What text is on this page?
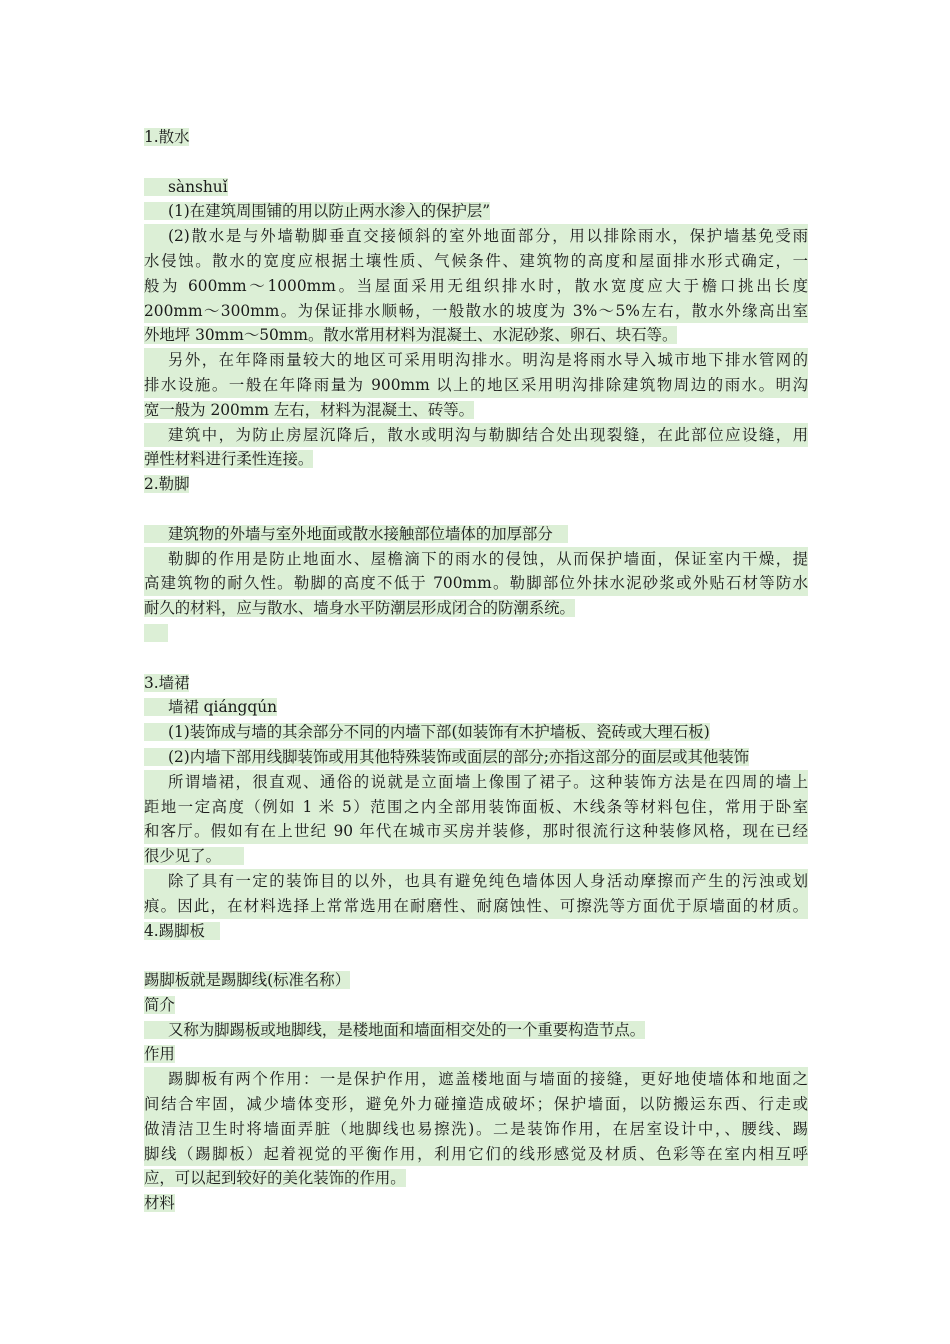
1.散水
sànshuǐ
(1)在建筑周围铺的用以防止两水渗入的保护层”
(2)散水是与外墙勒脚垂直交接倾斜的室外地面部分，用以排除雨水，保护墙基免受雨
水侵蚀。散水的宽度应根据土壤性质、气候条件、建筑物的高度和屋面排水形式确定，一
般为 600mm～1000mm。当屋面采用无组织排水时，散水宽度应大于檐口挑出长度
200mm～300mm。为保证排水顺畅，一般散水的坡度为 3%～5%左右，散水外缘高出室
外地坪 30mm～50mm。散水常用材料为混凝土、水泥砂浆、卵石、块石等。
另外，在年降雨量较大的地区可采用明沟排水。明沟是将雨水导入城市地下排水管网的
排水设施。一般在年降雨量为 900mm 以上的地区采用明沟排除建筑物周边的雨水。明沟
宽一般为 200mm 左右，材料为混凝土、砖等。
建筑中，为防止房屋沉降后，散水或明沟与勒脚结合处出现裂缝，在此部位应设缝，用
弹性材料进行柔性连接。
2.勒脚
建筑物的外墙与室外地面或散水接触部位墙体的加厚部分　
勒脚的作用是防止地面水、屋檐滴下的雨水的侵蚀，从而保护墙面，保证室内干燥，提
高建筑物的耐久性。勒脚的高度不低于 700mm。勒脚部位外抹水泥砂浆或外贴石材等防水
耐久的材料，应与散水、墙身水平防潮层形成闭合的防潮系统。
3.墙裙
墙裙 qiángqún
(1)装饰成与墙的其余部分不同的内墙下部(如装饰有木护墙板、瓷砖或大理石板)
(2)内墙下部用线脚装饰或用其他特殊装饰或面层的部分;亦指这部分的面层或其他装饰
所谓墙裙，很直观、通俗的说就是立面墙上像围了裙子。这种装饰方法是在四周的墙上
距地一定高度（例如 1 米 5）范围之内全部用装饰面板、木线条等材料包住，常用于卧室
和客厅。假如有在上世纪 90 年代在城市买房并装修，那时很流行这种装修风格，现在已经
很少见了。　　
除了具有一定的装饰目的以外，也具有避免纯色墙体因人身活动摩擦而产生的污浊或划
痕。因此，在材料选择上常常选用在耐磨性、耐腐蚀性、可擦洗等方面优于原墙面的材质。
4.踢脚板　
踢脚板就是踢脚线(标准名称）
简介
又称为脚踢板或地脚线，是楼地面和墙面相交处的一个重要构造节点。
作用
踢脚板有两个作用：一是保护作用，遮盖楼地面与墙面的接缝，更好地使墙体和地面之
间结合牢固，减少墙体变形，避免外力碰撞造成破坏；保护墙面，以防搬运东西、行走或
做清洁卫生时将墙面弄脏（地脚线也易擦洗)。二是装饰作用，在居室设计中，、腰线、踢
脚线（踢脚板）起着视觉的平衡作用，利用它们的线形感觉及材质、色彩等在室内相互呼
应，可以起到较好的美化装饰的作用。
材料
